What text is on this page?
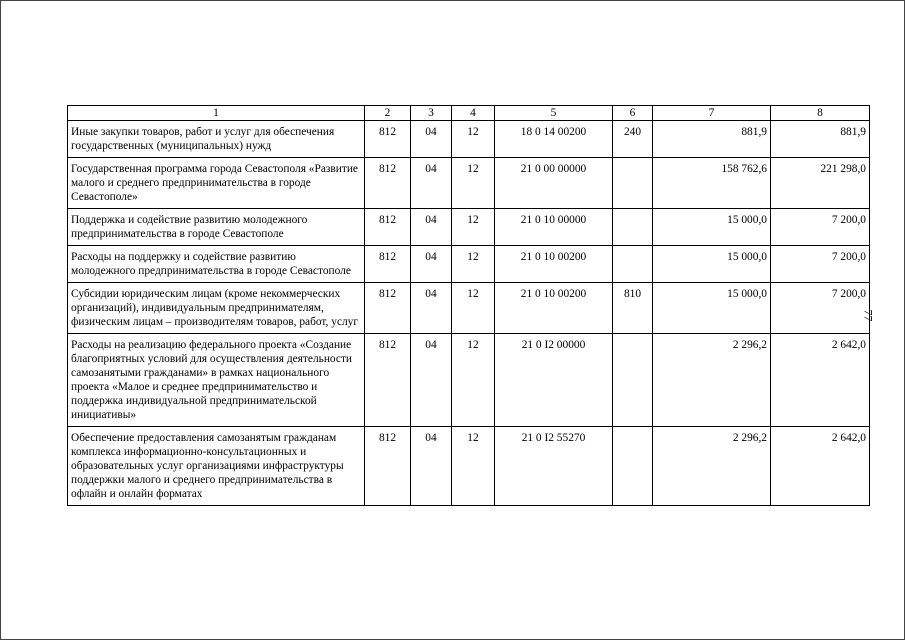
1	2	3	4	5	6	7	8
Иные закупки товаров, работ и услуг для обеспечения государственных (муниципальных) нужд	812	04	12	18 0 14 00200	240	881,9	881,9
Государственная программа города Севастополя «Развитие малого и среднего предпринимательства в городе Севастополе»	812	04	12	21 0 00 00000		158 762,6	221 298,0
Поддержка и содействие развитию молодежного предпринимательства в городе Севастополе	812	04	12	21 0 10 00000		15 000,0	7 200,0
Расходы на поддержку и содействие развитию молодежного предпринимательства в городе Севастополе	812	04	12	21 0 10 00200		15 000,0	7 200,0
Субсидии юридическим лицам (кроме некоммерческих организаций), индивидуальным предпринимателям, физическим лицам – производителям товаров, работ, услуг	812	04	12	21 0 10 00200	810	15 000,0	7 200,0
Расходы на реализацию федерального проекта «Создание благоприятных условий для осуществления деятельности самозанятыми гражданами» в рамках национального проекта «Малое и среднее предпринимательство и поддержка индивидуальной предпринимательской инициативы»	812	04	12	21 0 I2 00000		2 296,2	2 642,0
Обеспечение предоставления самозанятым гражданам комплекса информационно-консультационных и образовательных услуг организациями инфраструктуры поддержки малого и среднего предпринимательства в офлайн и онлайн форматах	812	04	12	21 0 I2 55270		2 296,2	2 642,0
77
